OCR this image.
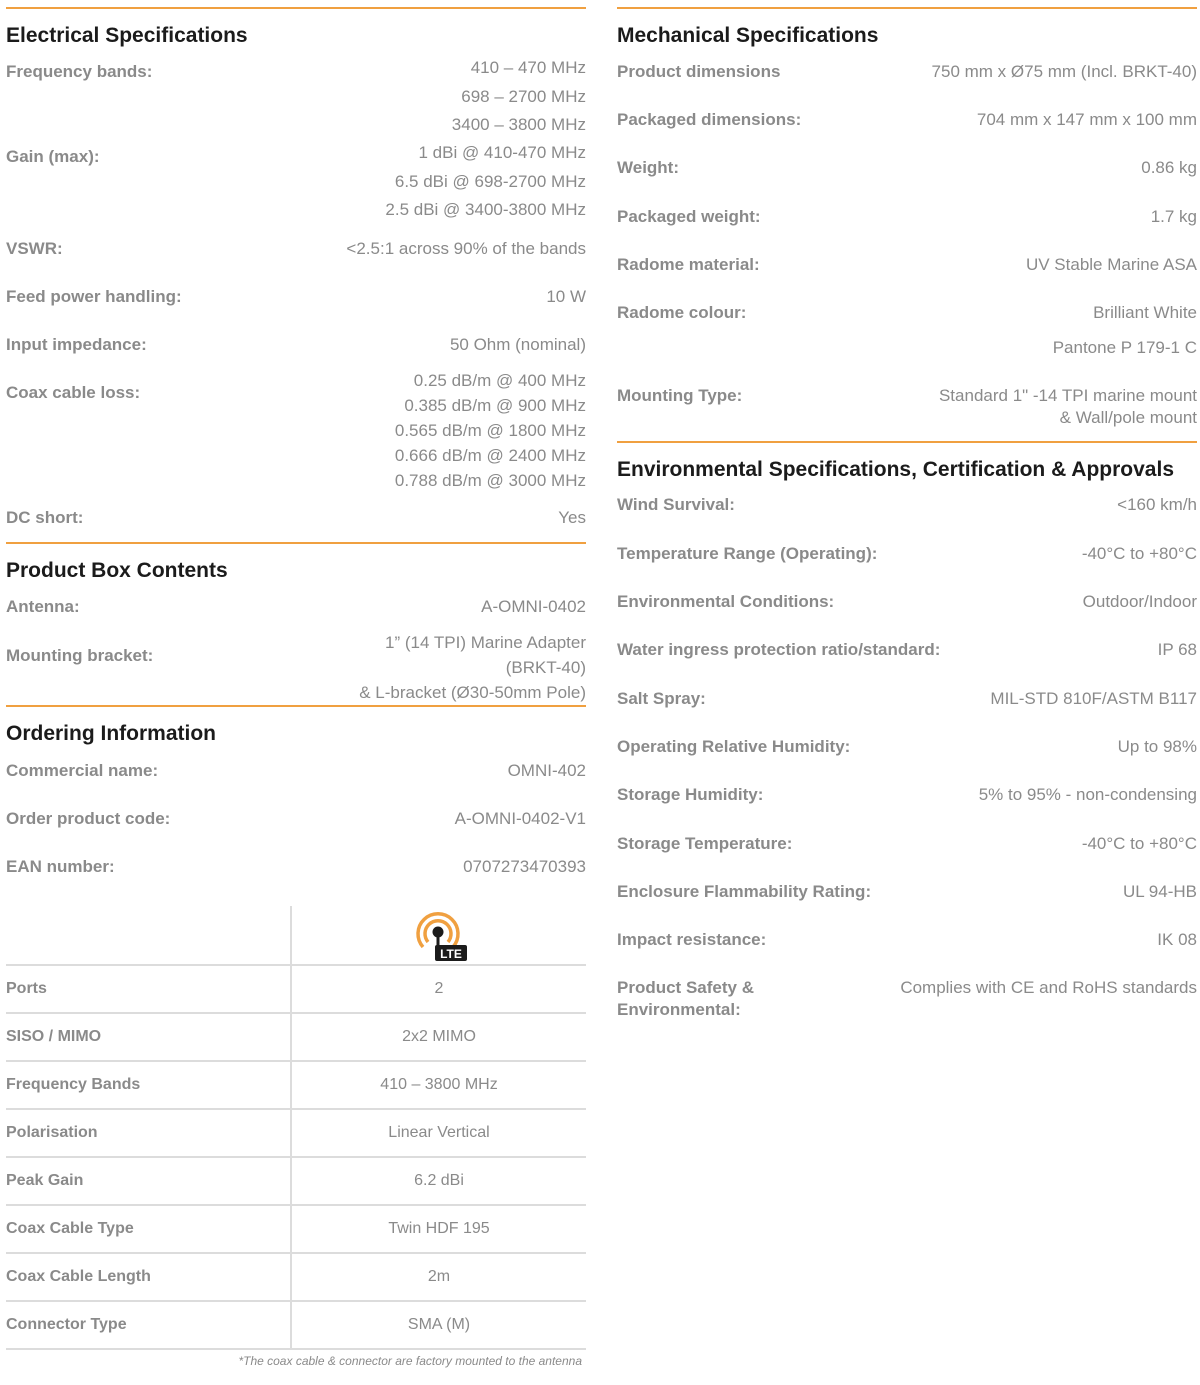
Electrical Specifications
Frequency bands:	410 – 470 MHz
698 – 2700 MHz
3400 – 3800 MHz
Gain (max):	1 dBi @ 410-470 MHz
6.5 dBi @ 698-2700 MHz
2.5 dBi @ 3400-3800 MHz
VSWR:	<2.5:1 across 90% of the bands
Feed power handling:	10 W
Input impedance:	50 Ohm (nominal)
Coax cable loss:
0.25 dB/m @ 400 MHz
0.385 dB/m @ 900 MHz
0.565 dB/m @ 1800 MHz
0.666 dB/m @ 2400 MHz
0.788 dB/m @ 3000 MHz
DC short:	Yes
Product Box Contents
Antenna:	A-OMNI-0402
Mounting bracket:
1” (14 TPI) Marine Adapter
(BRKT-40)
& L-bracket (Ø30-50mm Pole)
Ordering Information
Commercial name:	OMNI-402
Order product code:	A-OMNI-0402-V1
EAN number:	0707273470393

LTE

Ports	2
SISO / MIMO	2x2 MIMO
Frequency Bands	410 – 3800 MHz
Polarisation	Linear Vertical
Peak Gain	6.2 dBi
Coax Cable Type	Twin HDF 195
Coax Cable Length	2m
Connector Type	SMA (M)
*The coax cable & connector are factory mounted to the antenna
Mechanical Specifications
Product dimensions	750 mm x Ø75 mm (Incl. BRKT-40)
Packaged dimensions:	704 mm x 147 mm x 100 mm
Weight:	0.86 kg
Packaged weight:	1.7 kg
Radome material:	UV Stable Marine ASA
Radome colour:	Brilliant White
Pantone P 179-1 C
Mounting Type:	Standard 1" -14 TPI marine mount
& Wall/pole mount
Environmental Specifications, Certification & Approvals
Wind Survival:	<160 km/h
Temperature Range (Operating):	-40°C to +80°C
Environmental Conditions:	Outdoor/Indoor
Water ingress protection ratio/standard:	IP 68
Salt Spray:	MIL-STD 810F/ASTM B117
Operating Relative Humidity:	Up to 98%
Storage Humidity:	5% to 95% - non-condensing
Storage Temperature:	-40°C to +80°C
Enclosure Flammability Rating:	UL 94-HB
Impact resistance:	IK 08
Product Safety & Environmental:
Complies with CE and RoHS standards
